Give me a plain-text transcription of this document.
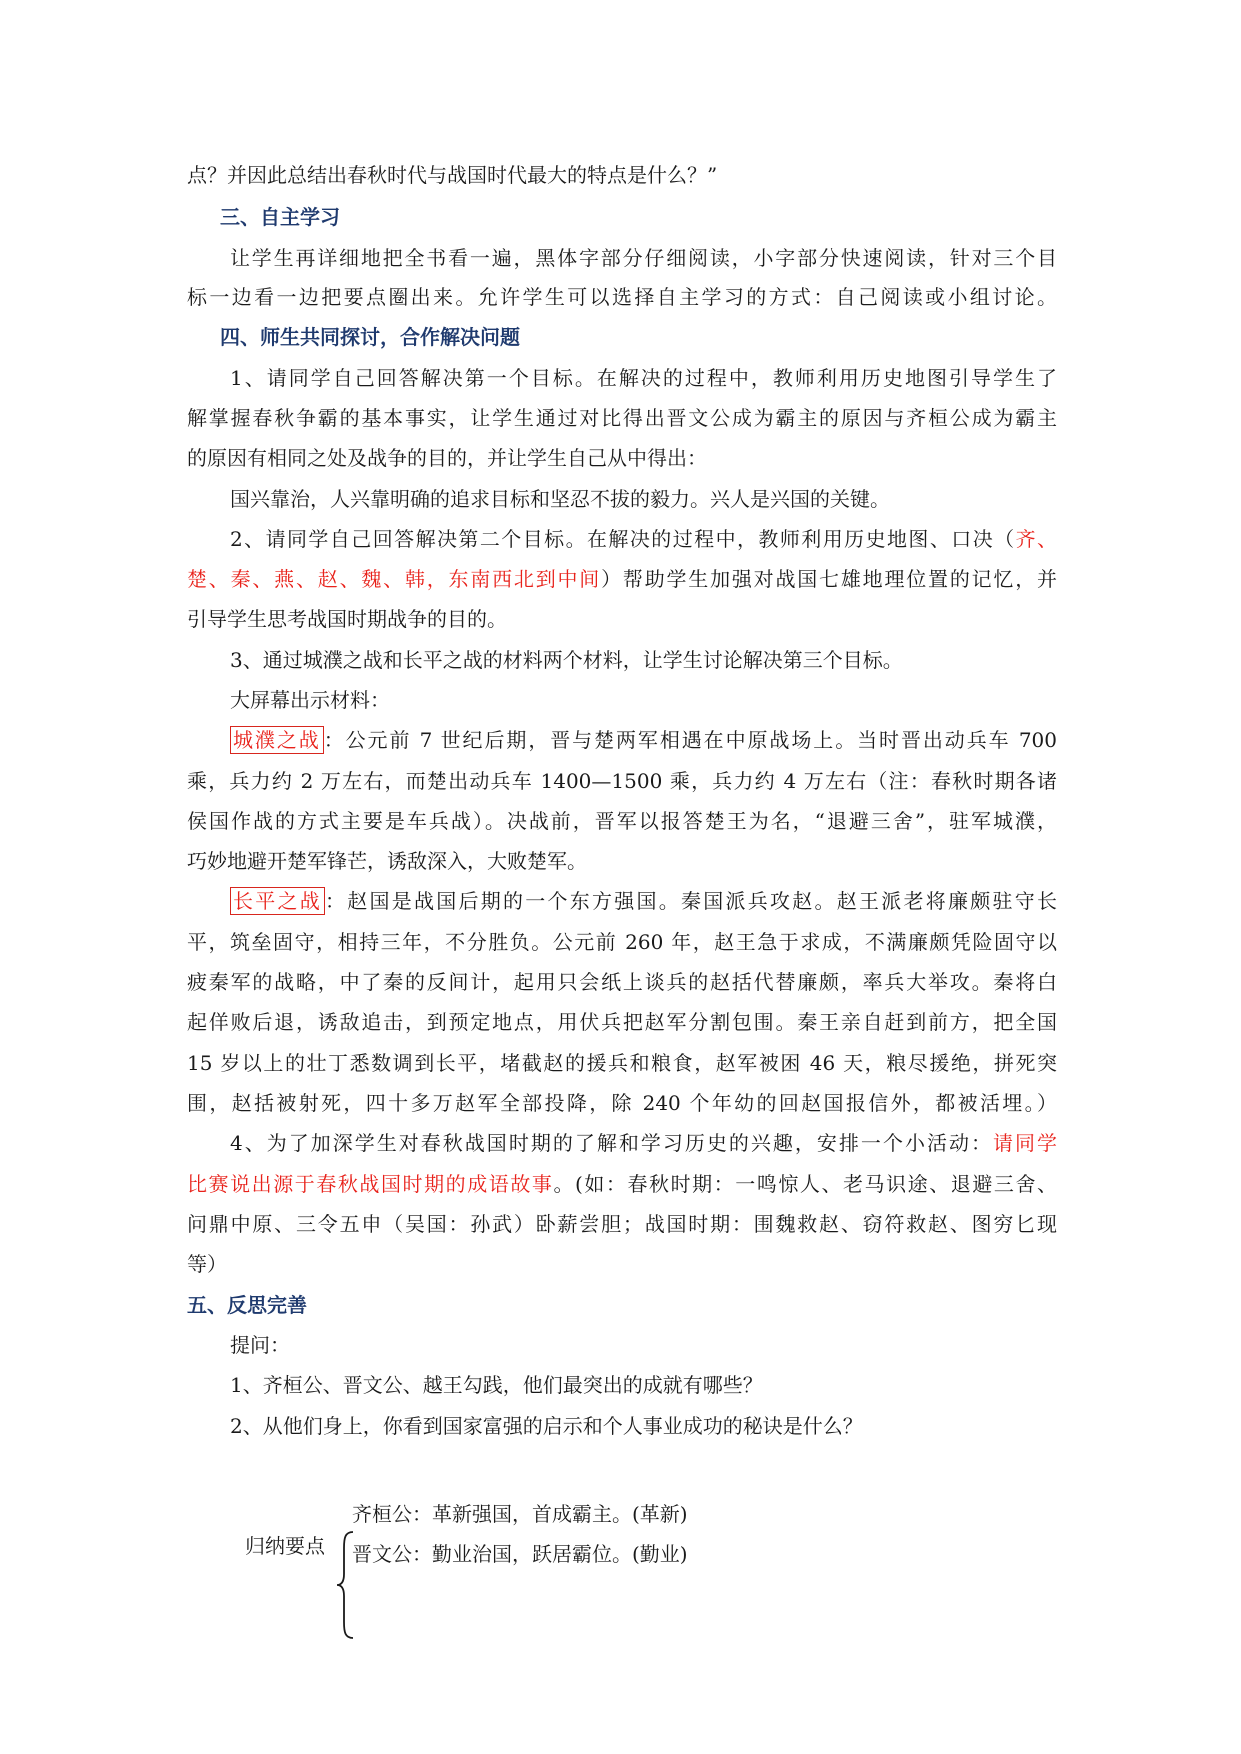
点？并因此总结出春秋时代与战国时代最大的特点是什么？”
三、自主学习
让学生再详细地把全书看一遍，黑体字部分仔细阅读，小字部分快速阅读，针对三个目
标一边看一边把要点圈出来。允许学生可以选择自主学习的方式：自己阅读或小组讨论。
四、师生共同探讨，合作解决问题
1、请同学自己回答解决第一个目标。在解决的过程中，教师利用历史地图引导学生了
解掌握春秋争霸的基本事实，让学生通过对比得出晋文公成为霸主的原因与齐桓公成为霸主
的原因有相同之处及战争的目的，并让学生自己从中得出：
国兴靠治，人兴靠明确的追求目标和坚忍不拔的毅力。兴人是兴国的关键。
2、请同学自己回答解决第二个目标。在解决的过程中，教师利用历史地图、口决（齐、
楚、秦、燕、赵、魏、韩，东南西北到中间）帮助学生加强对战国七雄地理位置的记忆，并
引导学生思考战国时期战争的目的。
3、通过城濮之战和长平之战的材料两个材料，让学生讨论解决第三个目标。
大屏幕出示材料：
城濮之战 ：公元前 7 世纪后期，晋与楚两军相遇在中原战场上。当时晋出动兵车 700
乘，兵力约 2 万左右，而楚出动兵车 1400—1500 乘，兵力约 4 万左右（注：春秋时期各诸
侯国作战的方式主要是车兵战）。决战前，晋军以报答楚王为名，“退避三舍”，驻军城濮，
巧妙地避开楚军锋芒，诱敌深入，大败楚军。
长平之战 ：赵国是战国后期的一个东方强国。秦国派兵攻赵。赵王派老将廉颇驻守长
平，筑垒固守，相持三年，不分胜负。公元前 260 年，赵王急于求成，不满廉颇凭险固守以
疲秦军的战略，中了秦的反间计，起用只会纸上谈兵的赵括代替廉颇，率兵大举攻。秦将白
起佯败后退，诱敌追击，到预定地点，用伏兵把赵军分割包围。秦王亲自赶到前方，把全国
15 岁以上的壮丁悉数调到长平，堵截赵的援兵和粮食，赵军被困 46 天，粮尽援绝，拼死突
围，赵括被射死，四十多万赵军全部投降，除 240 个年幼的回赵国报信外，都被活埋。）
4、为了加深学生对春秋战国时期的了解和学习历史的兴趣，安排一个小活动：请同学
比赛说出源于春秋战国时期的成语故事。(如：春秋时期：一鸣惊人、老马识途、退避三舍、
问鼎中原、三令五申（吴国：孙武）卧薪尝胆；战国时期：围魏救赵、窃符救赵、图穷匕现
等）
五、反思完善
提问：
1、齐桓公、晋文公、越王勾践，他们最突出的成就有哪些？
2、从他们身上，你看到国家富强的启示和个人事业成功的秘诀是什么？
归纳要点
齐桓公：革新强国，首成霸主。(革新)
晋文公：勤业治国，跃居霸位。(勤业)
